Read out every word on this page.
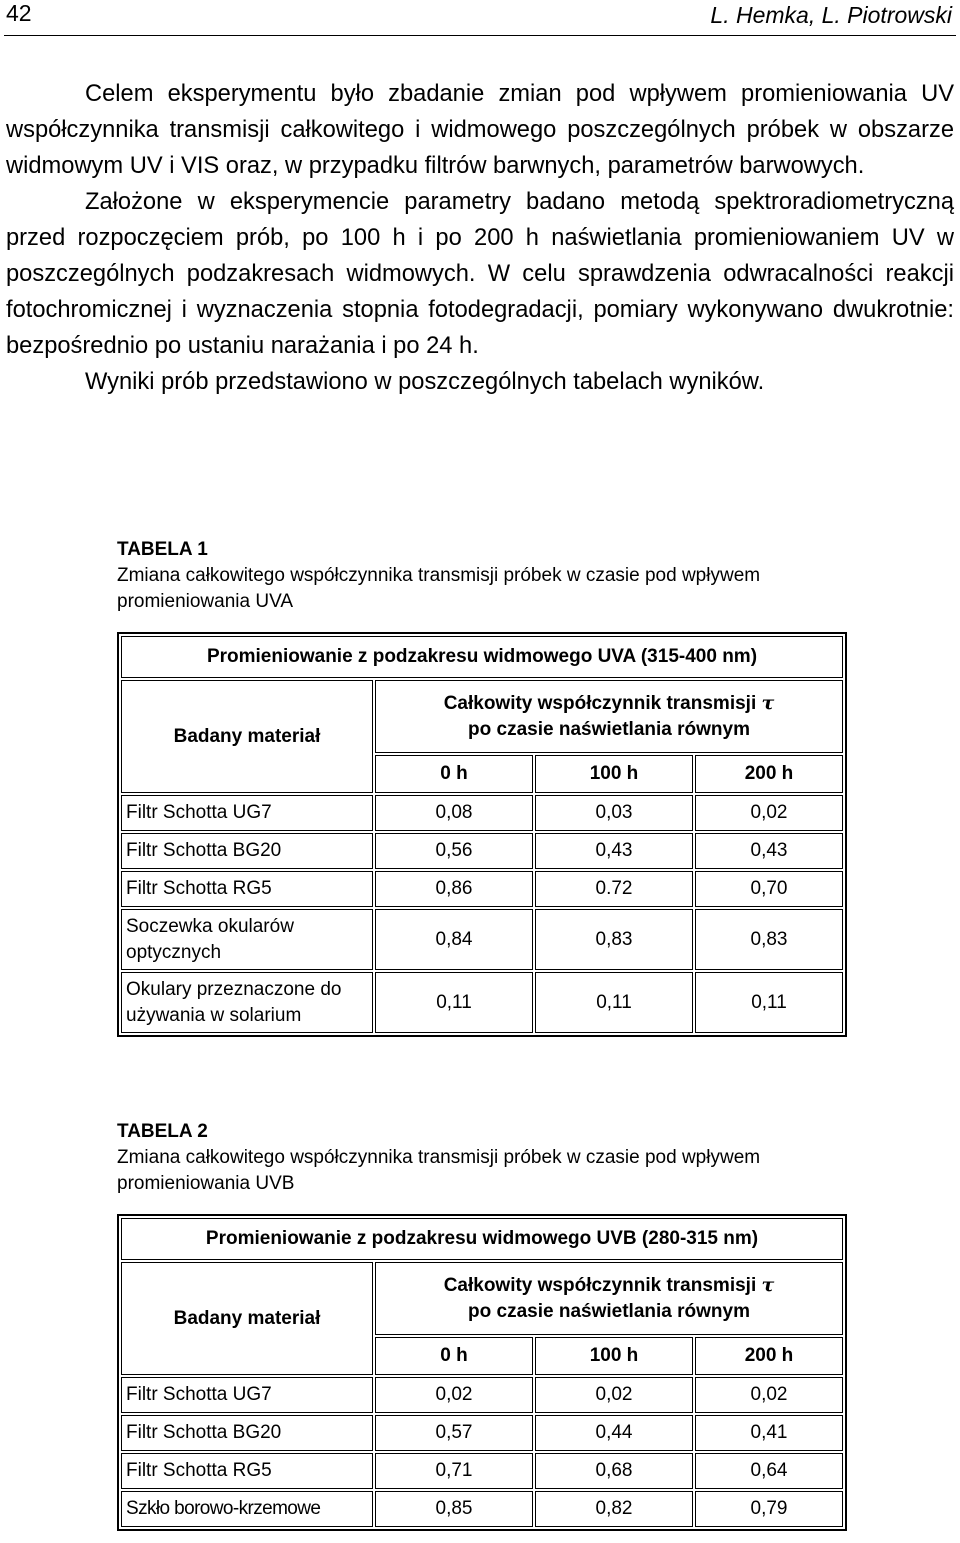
42	L. Hemka, L. Piotrowski

Celem eksperymentu było zbadanie zmian pod wpływem promieniowania UV współczynnika transmisji całkowitego i widmowego poszczególnych próbek w obszarze widmowym UV i VIS oraz, w przypadku filtrów barwnych, parametrów barwowych.

Założone w eksperymencie parametry badano metodą spektroradiometryczną przed rozpoczęciem prób, po 100 h i po 200 h naświetlania promieniowaniem UV w poszczególnych podzakresach widmowych. W celu sprawdzenia odwracalności reakcji fotochromicznej i wyznaczenia stopnia fotodegradacji, pomiary wykonywano dwukrotnie: bezpośrednio po ustaniu narażania i po 24 h.

Wyniki prób przedstawiono w poszczególnych tabelach wyników.

TABELA 1
Zmiana całkowitego współczynnika transmisji próbek w czasie pod wpływem promieniowania UVA
Promieniowanie z podzakresu widmowego UVA (315-400 nm)			
Badany materiał	Całkowity współczynnik transmisji τ
po czasie naświetlania równym		
	0 h	100 h	200 h
Filtr Schotta UG7	0,08	0,03	0,02
Filtr Schotta BG20	0,56	0,43	0,43
Filtr Schotta RG5	0,86	0.72	0,70
Soczewka okularów optycznych	0,84	0,83	0,83
Okulary przeznaczone do używania w solarium	0,11	0,11	0,11
TABELA 2
Zmiana całkowitego współczynnika transmisji próbek w czasie pod wpływem promieniowania UVB
Promieniowanie z podzakresu widmowego UVB (280-315 nm)			
Badany materiał	Całkowity współczynnik transmisji τ
po czasie naświetlania równym		
	0 h	100 h	200 h
Filtr Schotta UG7	0,02	0,02	0,02
Filtr Schotta BG20	0,57	0,44	0,41
Filtr Schotta RG5	0,71	0,68	0,64
Szkło borowo-krzemowe	0,85	0,82	0,79
